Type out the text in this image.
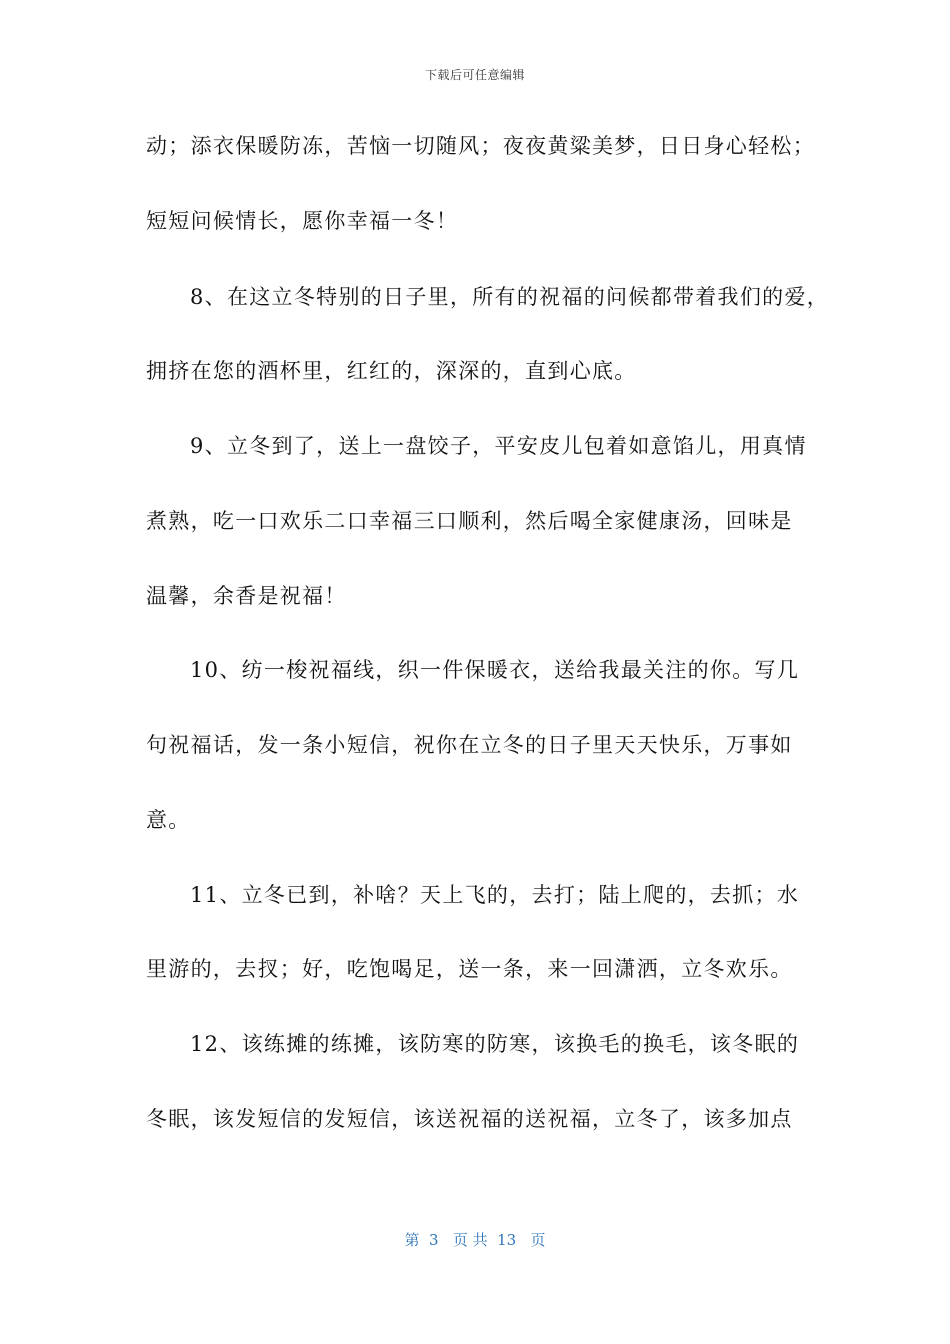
下载后可任意编辑
动；添衣保暖防冻，苦恼一切随风；夜夜黄粱美梦，日日身心轻松；
短短问候情长，愿你幸福一冬！
8、在这立冬特别的日子里，所有的祝福的问候都带着我们的爱，
拥挤在您的酒杯里，红红的，深深的，直到心底。
9、立冬到了，送上一盘饺子，平安皮儿包着如意馅儿，用真情
煮熟，吃一口欢乐二口幸福三口顺利，然后喝全家健康汤，回味是
温馨，余香是祝福！
10、纺一梭祝福线，织一件保暖衣，送给我最关注的你。写几
句祝福话，发一条小短信，祝你在立冬的日子里天天快乐，万事如
意。
11、立冬已到，补啥？天上飞的，去打；陆上爬的，去抓；水
里游的，去扠；好，吃饱喝足，送一条，来一回潇洒，立冬欢乐。
12、该练摊的练摊，该防寒的防寒，该换毛的换毛，该冬眠的
冬眠，该发短信的发短信，该送祝福的送祝福，立冬了，该多加点
第  3   页 共  13   页
